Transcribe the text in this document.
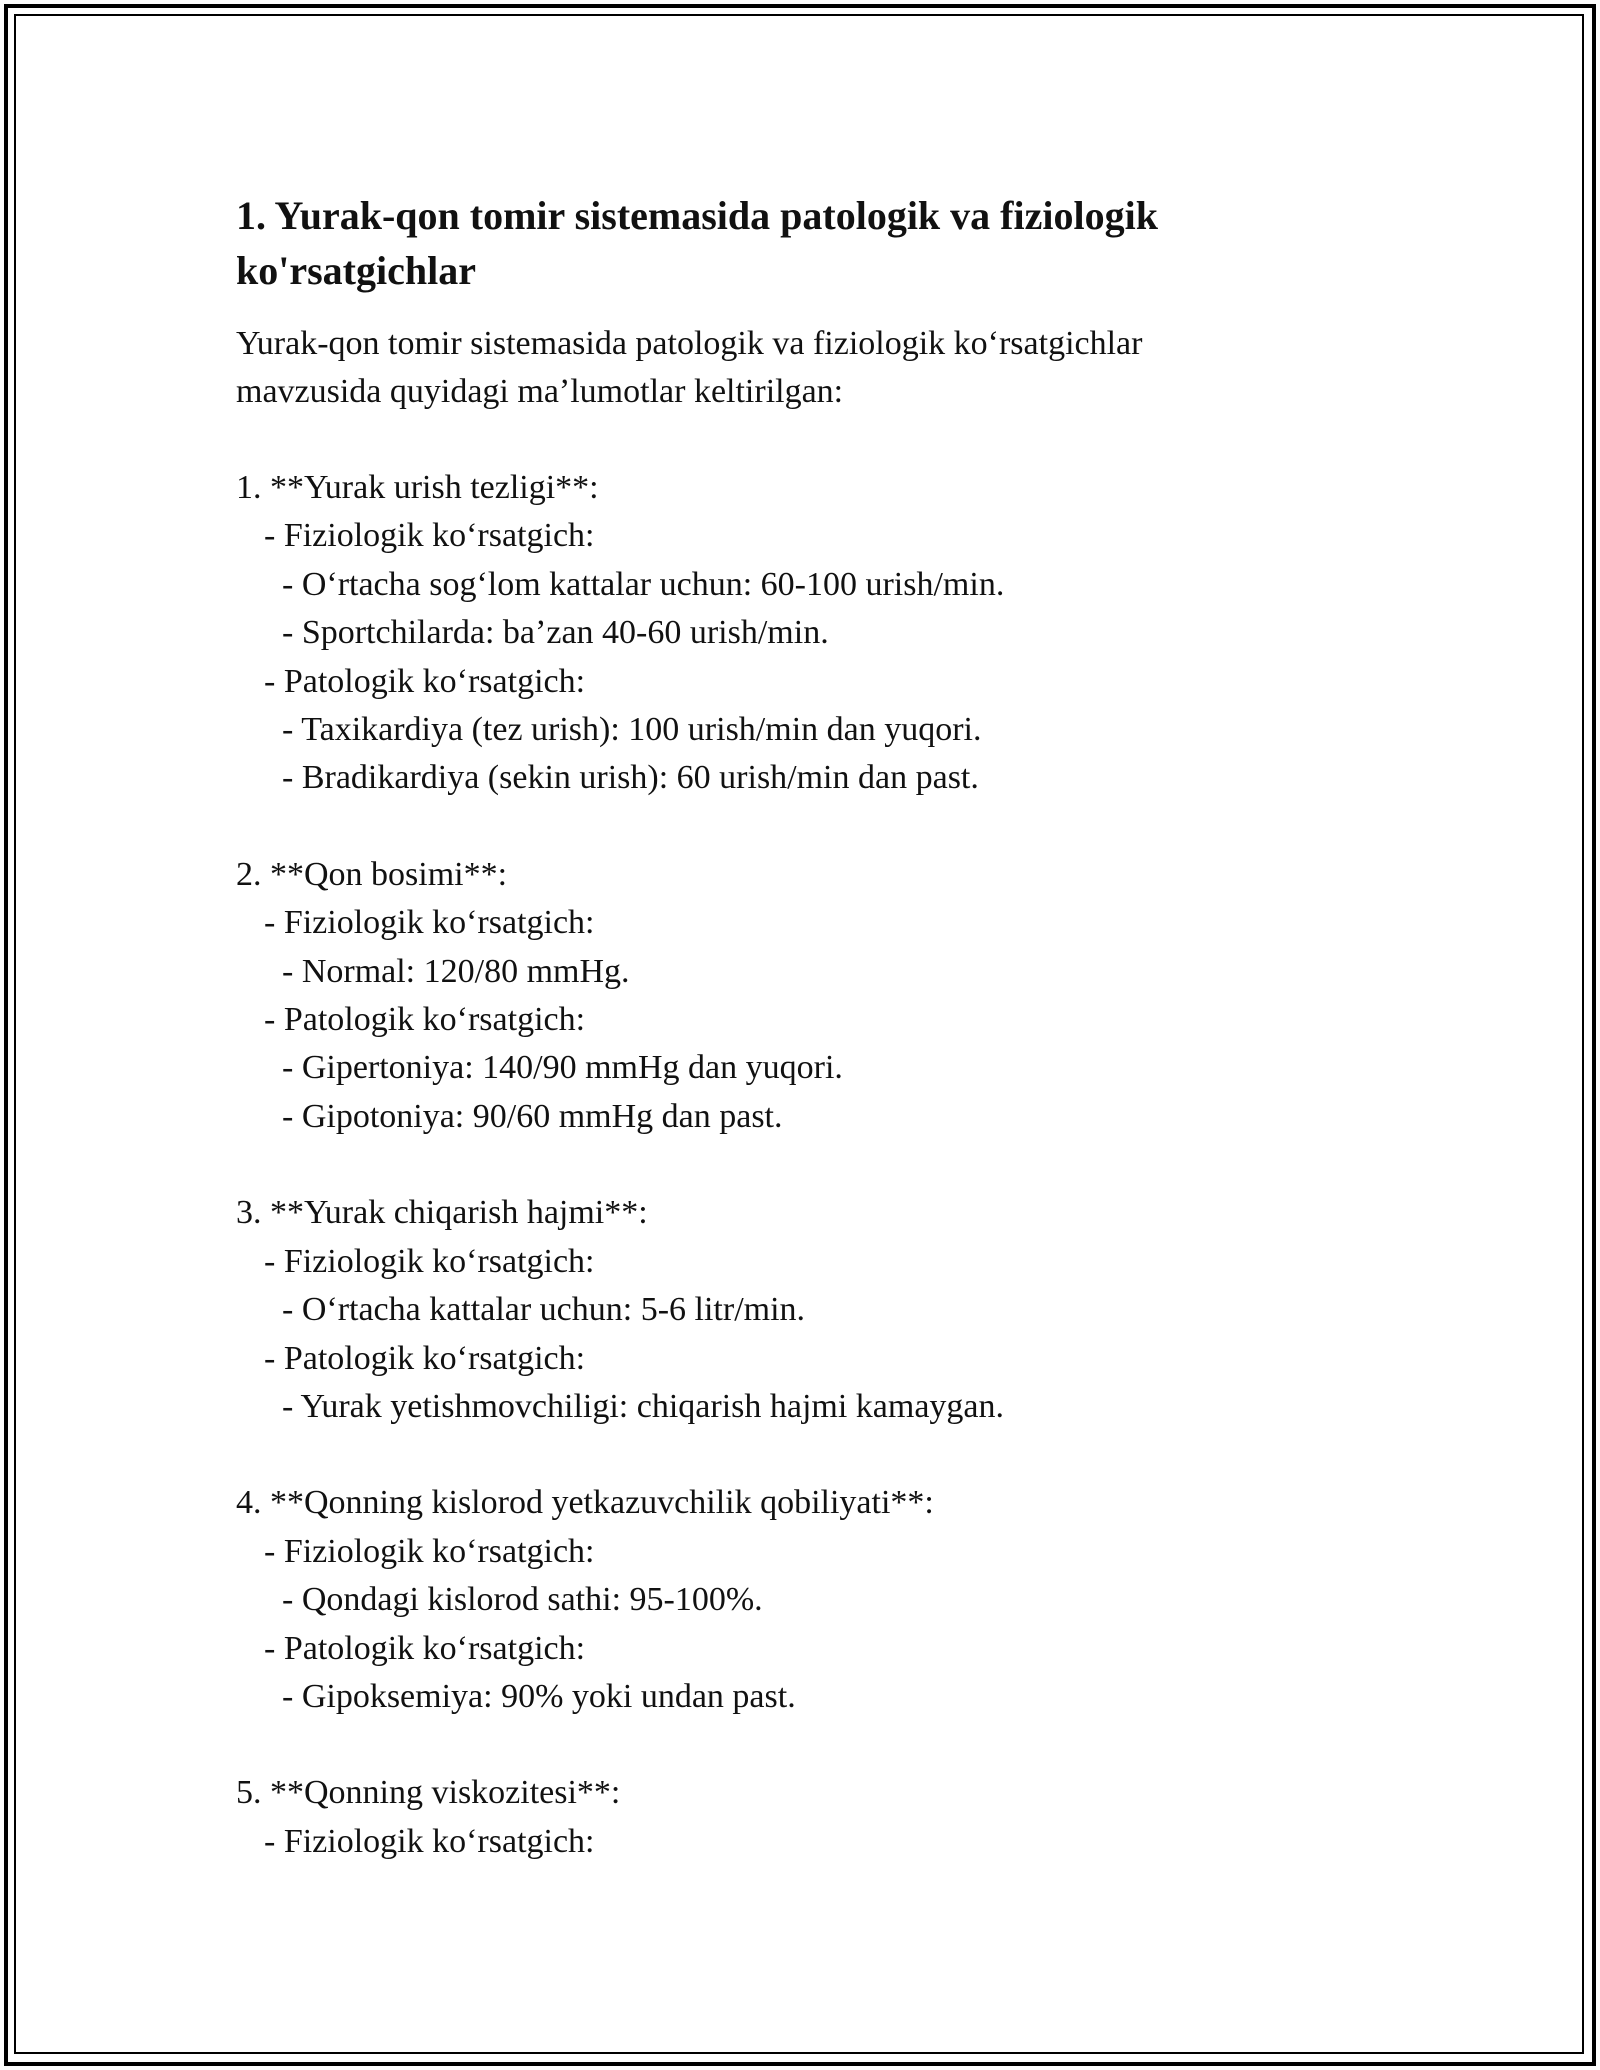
1. Yurak-qon tomir sistemasida patologik va fiziologik ko'rsatgichlar

Yurak-qon tomir sistemasida patologik va fiziologik koʻrsatgichlar

mavzusida quyidagi maʼlumotlar keltirilgan:

1. **Yurak urish tezligi**:

- Fiziologik koʻrsatgich:

- Oʻrtacha sogʻlom kattalar uchun: 60-100 urish/min.

- Sportchilarda: baʼzan 40-60 urish/min.

- Patologik koʻrsatgich:

- Taxikardiya (tez urish): 100 urish/min dan yuqori.

- Bradikardiya (sekin urish): 60 urish/min dan past.

2. **Qon bosimi**:

- Fiziologik koʻrsatgich:

- Normal: 120/80 mmHg.

- Patologik koʻrsatgich:

- Gipertoniya: 140/90 mmHg dan yuqori.

- Gipotoniya: 90/60 mmHg dan past.

3. **Yurak chiqarish hajmi**:

- Fiziologik koʻrsatgich:

- Oʻrtacha kattalar uchun: 5-6 litr/min.

- Patologik koʻrsatgich:

- Yurak yetishmovchiligi: chiqarish hajmi kamaygan.

4. **Qonning kislorod yetkazuvchilik qobiliyati**:

- Fiziologik koʻrsatgich:

- Qondagi kislorod sathi: 95-100%.

- Patologik koʻrsatgich:

- Gipoksemiya: 90% yoki undan past.

5. **Qonning viskozitesi**:

- Fiziologik koʻrsatgich:
